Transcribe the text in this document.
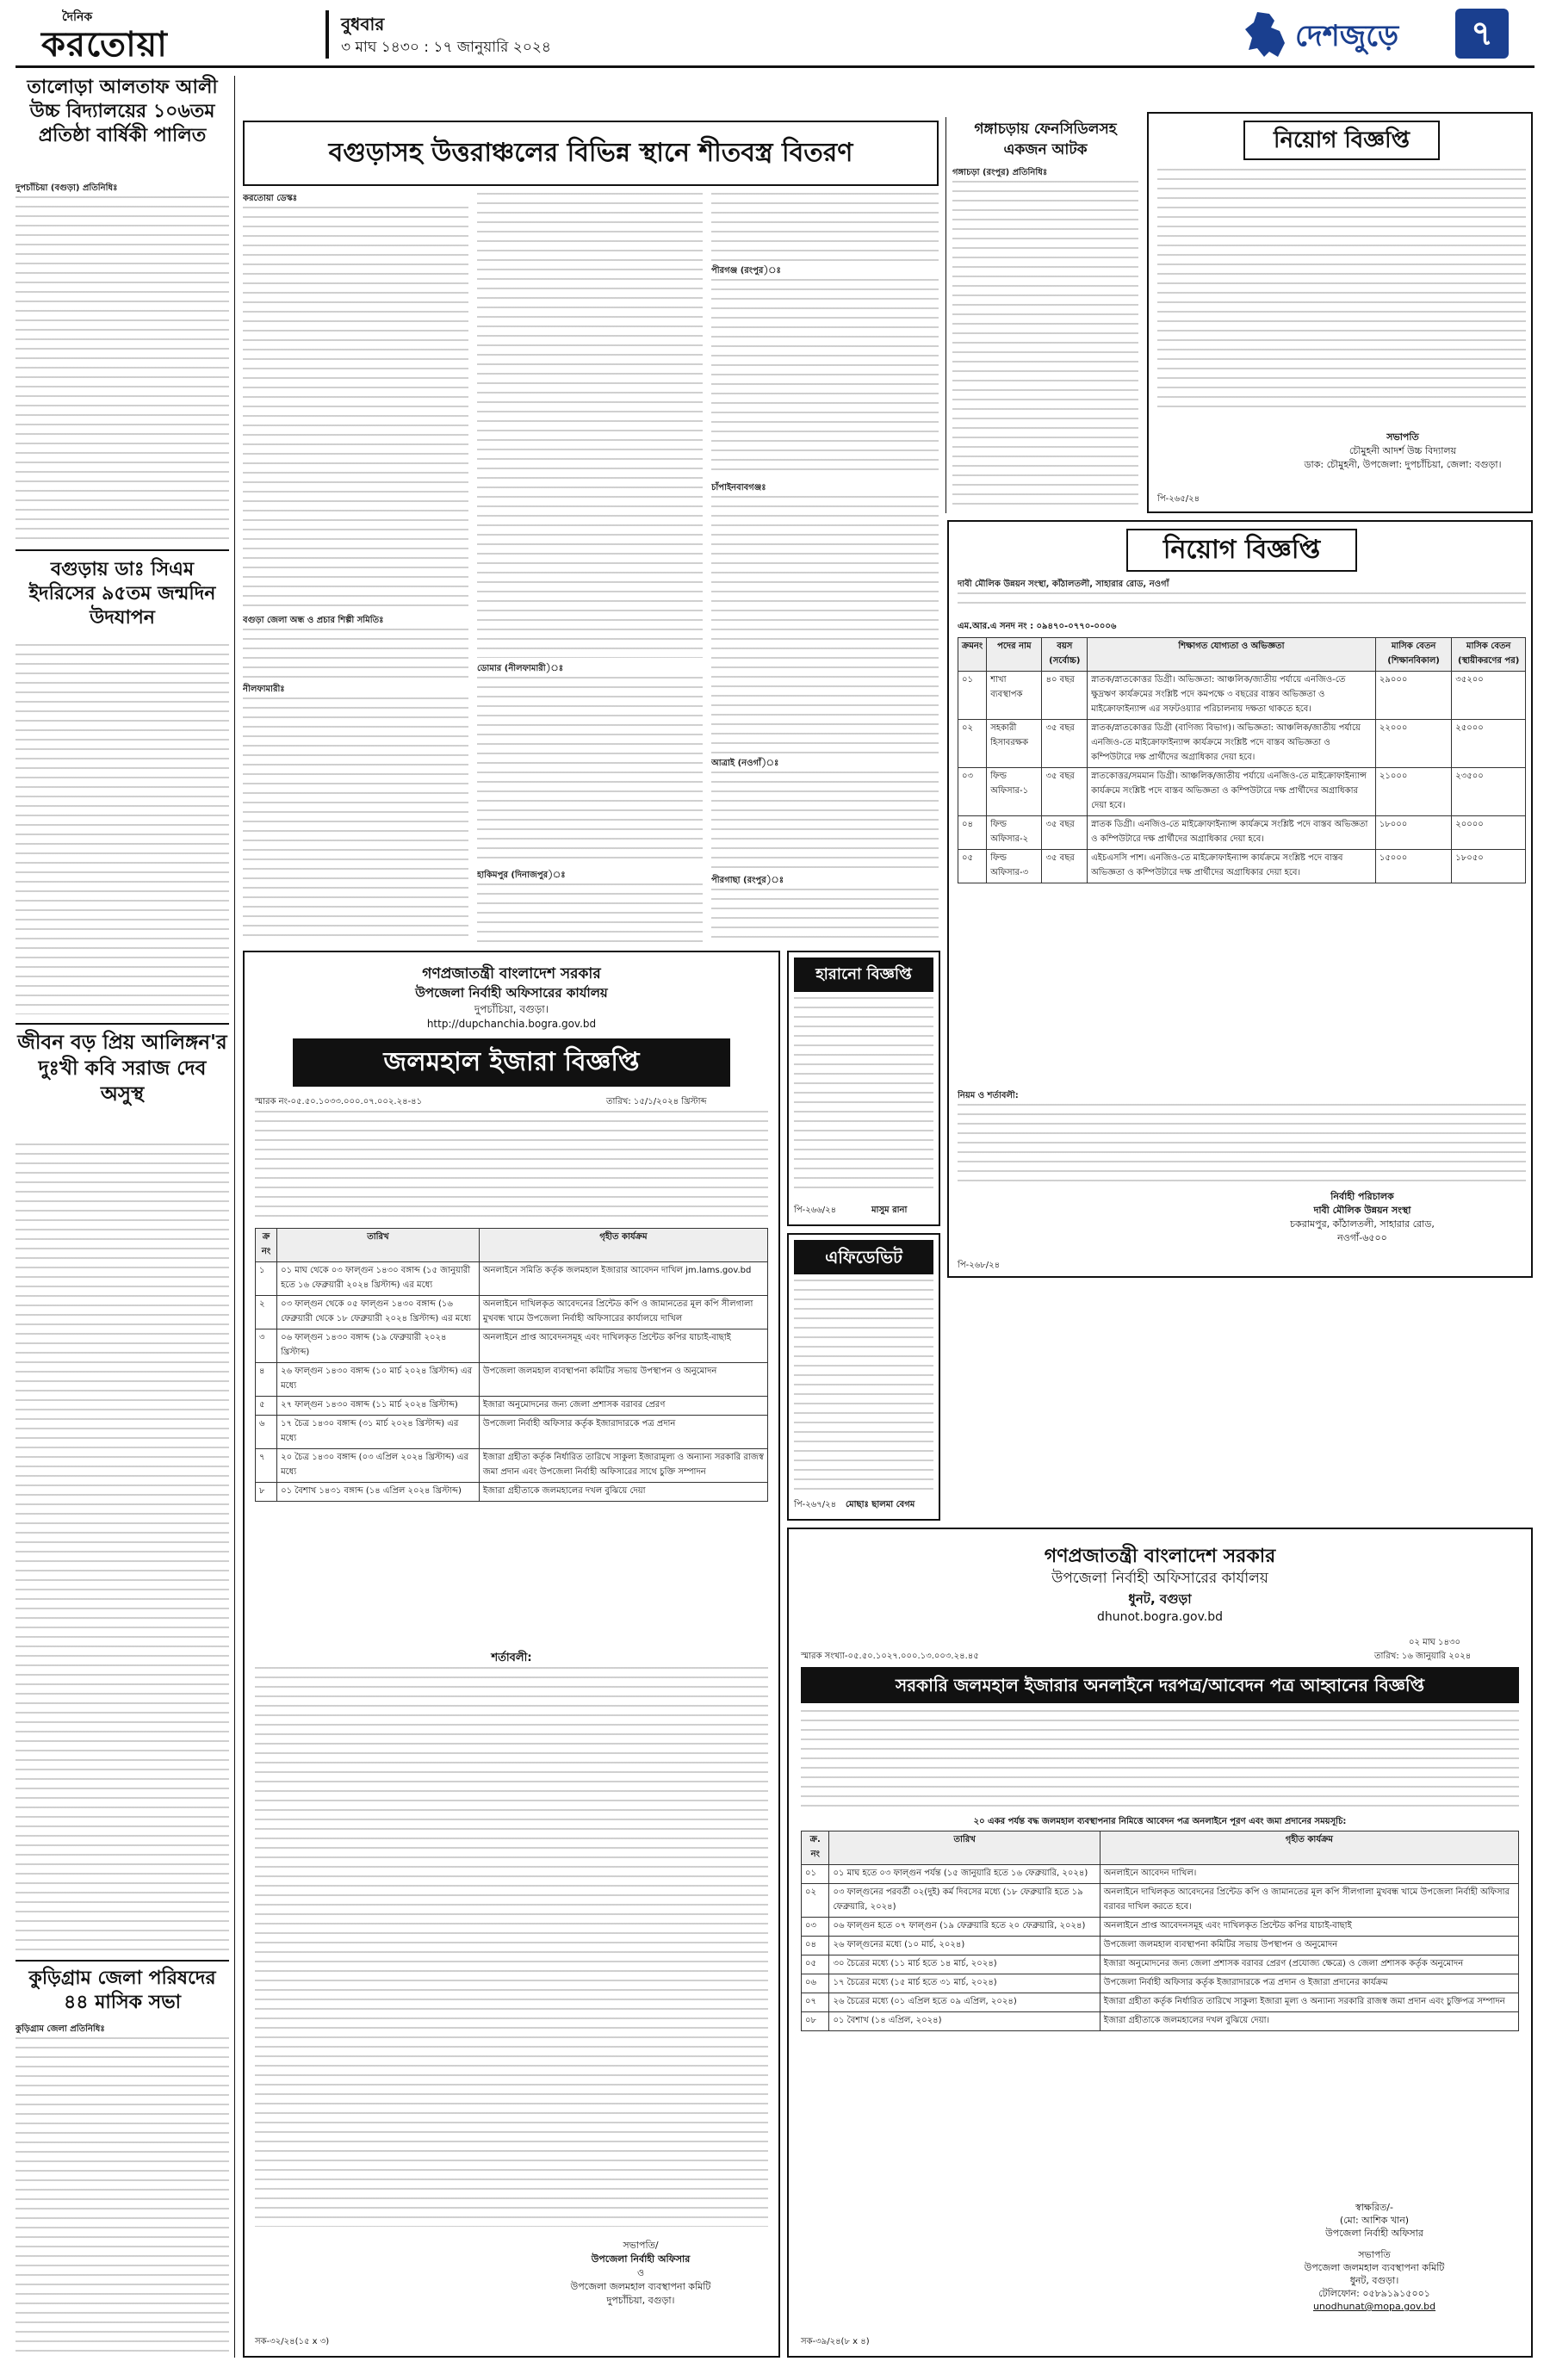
দৈনিক
করতোয়া	বুধবার
৩ মাঘ ১৪৩০ : ১৭ জানুয়ারি ২০২৪	দেশজুড়ে	৭
তালোড়া আলতাফ আলী উচ্চ বিদ্যালয়ের ১০৬তম প্রতিষ্ঠা বার্ষিকী পালিত
দুপচাঁচিয়া (বগুড়া) প্রতিনিধিঃ
বগুড়ায় ডাঃ সিএম ইদরিসের ৯৫তম জন্মদিন উদযাপন
জীবন বড় প্রিয় আলিঙ্গন'র দুঃখী কবি সরাজ দেব অসুস্থ
কুড়িগ্রাম জেলা পরিষদের ৪৪ মাসিক সভা
কুড়িগ্রাম জেলা প্রতিনিধিঃ
বগুড়াসহ উত্তরাঞ্চলের বিভিন্ন স্থানে শীতবস্ত্র বিতরণ
করতোয়া ডেস্কঃ
বগুড়া জেলা অন্ধ ও প্রচার শিল্পী সমিতিঃ
নীলফামারীঃ
ডোমার (নীলফামারী)ঃ
হাকিমপুর (দিনাজপুর)ঃ
পীরগঞ্জ (রংপুর)ঃ
চাঁপাইনবাবগঞ্জঃ
আত্রাই (নওগাঁ)ঃ
পীরগাছা (রংপুর)ঃ
গঙ্গাচড়ায় ফেনসিডিলসহ একজন আটক
গঙ্গাচড়া (রংপুর) প্রতিনিধিঃ
নিয়োগ বিজ্ঞপ্তি
সভাপতি
চৌমুহনী আদর্শ উচ্চ বিদ্যালয়
ডাক: চৌমুহনী, উপজেলা: দুপচাঁচিয়া, জেলা: বগুড়া।
পি-২৬৫/২৪
নিয়োগ বিজ্ঞপ্তি
দাবী মৌলিক উন্নয়ন সংস্থা, কাঁঠালতলী, সাহারার রোড, নওগাঁ
এম.আর.এ সনদ নং : ০৯৪৭০-০৭৭০-০০০৬
ক্রমনং	পদের নাম	বয়স (সর্বোচ্চ)	শিক্ষাগত যোগ্যতা ও অভিজ্ঞতা	মাসিক বেতন (শিক্ষানবিকাল)	মাসিক বেতন (স্থায়ীকরণের পর)
০১	শাখা ব্যবস্থাপক	৪০ বছর	স্নাতক/স্নাতকোত্তর ডিগ্রী। অভিজ্ঞতা: আঞ্চলিক/জাতীয় পর্যায়ে এনজিও-তে ক্ষুদ্রঋণ কার্যক্রমের সংশ্লিষ্ট পদে কমপক্ষে ৩ বছরের বাস্তব অভিজ্ঞতা ও মাইক্রোফাইন্যান্স এর সফটওয়্যার পরিচালনায় দক্ষতা থাকতে হবে।	২৯০০০	৩৫২০০
০২	সহকারী হিসাবরক্ষক	৩৫ বছর	স্নাতক/স্নাতকোত্তর ডিগ্রী (বাণিজ্য বিভাগ)। অভিজ্ঞতা: আঞ্চলিক/জাতীয় পর্যায়ে এনজিও-তে মাইক্রোফাইন্যান্স কার্যক্রমে সংশ্লিষ্ট পদে বাস্তব অভিজ্ঞতা ও কম্পিউটারে দক্ষ প্রার্থীদের অগ্রাধিকার দেয়া হবে।	২২০০০	২৫০০০
০৩	ফিল্ড অফিসার-১	৩৫ বছর	স্নাতকোত্তর/সমমান ডিগ্রী। আঞ্চলিক/জাতীয় পর্যায়ে এনজিও-তে মাইক্রোফাইন্যান্স কার্যক্রমে সংশ্লিষ্ট পদে বাস্তব অভিজ্ঞতা ও কম্পিউটারে দক্ষ প্রার্থীদের অগ্রাধিকার দেয়া হবে।	২১০০০	২৩৫০০
০৪	ফিল্ড অফিসার-২	৩৫ বছর	স্নাতক ডিগ্রী। এনজিও-তে মাইক্রোফাইন্যান্স কার্যক্রমে সংশ্লিষ্ট পদে বাস্তব অভিজ্ঞতা ও কম্পিউটারে দক্ষ প্রার্থীদের অগ্রাধিকার দেয়া হবে।	১৮০০০	২০০০০
০৫	ফিল্ড অফিসার-৩	৩৫ বছর	এইচএসসি পাশ। এনজিও-তে মাইক্রোফাইন্যান্স কার্যক্রমে সংশ্লিষ্ট পদে বাস্তব অভিজ্ঞতা ও কম্পিউটারে দক্ষ প্রার্থীদের অগ্রাধিকার দেয়া হবে।	১৫০০০	১৮০৫০
নিয়ম ও শর্তাবলী:
নির্বাহী পরিচালক
দাবী মৌলিক উন্নয়ন সংস্থা
চকরামপুর, কাঁঠালতলী, সাহারার রোড,
নওগাঁ-৬৫০০
পি-২৬৮/২৪
গণপ্রজাতন্ত্রী বাংলাদেশ সরকার
উপজেলা নির্বাহী অফিসারের কার্যালয়
দুপচাঁচিয়া, বগুড়া।
http://dupchanchia.bogra.gov.bd
জলমহাল ইজারা বিজ্ঞপ্তি
স্মারক নং-০৫.৫০.১০৩৩.০০০.০৭.০০২.২৪-৪১	তারিখ: ১৫/১/২০২৪ খ্রিস্টাব্দ
ক্র নং	তারিখ	গৃহীত কার্যক্রম
১	০১ মাঘ থেকে ০৩ ফাল্গুন ১৪৩০ বঙ্গাব্দ (১৫ জানুয়ারী হতে ১৬ ফেব্রুয়ারী ২০২৪ খ্রিস্টাব্দ) এর মধ্যে	অনলাইনে সমিতি কর্তৃক জলমহাল ইজারার আবেদন দাখিল jm.lams.gov.bd
২	০৩ ফাল্গুন থেকে ০৫ ফাল্গুন ১৪৩০ বঙ্গাব্দ (১৬ ফেব্রুয়ারী থেকে ১৮ ফেব্রুয়ারী ২০২৪ খ্রিস্টাব্দ) এর মধ্যে	অনলাইনে দাখিলকৃত আবেদনের প্রিন্টেড কপি ও জামানতের মূল কপি সীলগালা মুখবন্ধ খামে উপজেলা নির্বাহী অফিসারের কার্যালয়ে দাখিল
৩	০৬ ফাল্গুন ১৪৩০ বঙ্গাব্দ (১৯ ফেব্রুয়ারী ২০২৪ খ্রিস্টাব্দ)	অনলাইনে প্রাপ্ত আবেদনসমূহ এবং দাখিলকৃত প্রিন্টেড কপির যাচাই-বাছাই
৪	২৬ ফাল্গুন ১৪৩০ বঙ্গাব্দ (১০ মার্চ ২০২৪ খ্রিস্টাব্দ) এর মধ্যে	উপজেলা জলমহাল ব্যবস্থাপনা কমিটির সভায় উপস্থাপন ও অনুমোদন
৫	২৭ ফাল্গুন ১৪৩০ বঙ্গাব্দ (১১ মার্চ ২০২৪ খ্রিস্টাব্দ)	ইজারা অনুমোদনের জন্য জেলা প্রশাসক বরাবর প্রেরণ
৬	১৭ চৈত্র ১৪৩০ বঙ্গাব্দ (৩১ মার্চ ২০২৪ খ্রিস্টাব্দ) এর মধ্যে	উপজেলা নির্বাহী অফিসার কর্তৃক ইজারাদারকে পত্র প্রদান
৭	২০ চৈত্র ১৪৩০ বঙ্গাব্দ (০৩ এপ্রিল ২০২৪ খ্রিস্টাব্দ) এর মধ্যে	ইজারা গ্রহীতা কর্তৃক নির্ধারিত তারিখে সাকুল্য ইজারামূল্য ও অন্যান্য সরকারি রাজস্ব জমা প্রদান এবং উপজেলা নির্বাহী অফিসারের সাথে চুক্তি সম্পাদন
৮	০১ বৈশাখ ১৪৩১ বঙ্গাব্দ (১৪ এপ্রিল ২০২৪ খ্রিস্টাব্দ)	ইজারা গ্রহীতাকে জলমহালের দখল বুঝিয়ে দেয়া
শর্তাবলী:
সভাপতি/
উপজেলা নির্বাহী অফিসার
ও
উপজেলা জলমহাল ব্যবস্থাপনা কমিটি
দুপচাঁচিয়া, বগুড়া।
সক-৩২/২৪(১৫ x ৩)
হারানো বিজ্ঞপ্তি
পি-২৬৬/২৪	মাসুম রানা
এফিডেভিট
পি-২৬৭/২৪ মোছাঃ ছালমা বেগম
গণপ্রজাতন্ত্রী বাংলাদেশ সরকার
উপজেলা নির্বাহী অফিসারের কার্যালয়
ধুনট, বগুড়া
dhunot.bogra.gov.bd
স্মারক সংখ্যা-০৫.৫০.১০২৭.০০০.১৩.০০৩.২৪.৪৫
০২ মাঘ ১৪৩০
তারিখ: ১৬ জানুয়ারি ২০২৪
সরকারি জলমহাল ইজারার অনলাইনে দরপত্র/আবেদন পত্র আহ্বানের বিজ্ঞপ্তি
২০ একর পর্যন্ত বদ্ধ জলমহাল ব্যবস্থাপনার নিমিত্তে আবেদন পত্র অনলাইনে পূরণ এবং জমা প্রদানের সময়সূচি:
ক্র. নং	তারিখ	গৃহীত কার্যক্রম
০১	০১ মাঘ হতে ০৩ ফাল্গুন পর্যন্ত (১৫ জানুয়ারি হতে ১৬ ফেব্রুয়ারি, ২০২৪)	অনলাইনে আবেদন দাখিল।
০২	০৩ ফাল্গুনের পরবর্তী ০২(দুই) কর্ম দিবসের মধ্যে (১৮ ফেব্রুয়ারি হতে ১৯ ফেব্রুয়ারি, ২০২৪)	অনলাইনে দাখিলকৃত আবেদনের প্রিন্টেড কপি ও জামানতের মূল কপি সীলগালা মুখবন্ধ খামে উপজেলা নির্বাহী অফিসার বরাবর দাখিল করতে হবে।
০৩	০৬ ফাল্গুন হতে ০৭ ফাল্গুন (১৯ ফেব্রুয়ারি হতে ২০ ফেব্রুয়ারি, ২০২৪)	অনলাইনে প্রাপ্ত আবেদনসমূহ এবং দাখিলকৃত প্রিন্টেড কপির যাচাই-বাছাই
০৪	২৬ ফাল্গুনের মধ্যে (১০ মার্চ, ২০২৪)	উপজেলা জলমহাল ব্যবস্থাপনা কমিটির সভায় উপস্থাপন ও অনুমোদন
০৫	৩০ চৈত্রের মধ্যে (১১ মার্চ হতে ১৪ মার্চ, ২০২৪)	ইজারা অনুমোদনের জন্য জেলা প্রশাসক বরাবর প্রেরণ (প্রযোজ্য ক্ষেত্রে) ও জেলা প্রশাসক কর্তৃক অনুমোদন
০৬	১৭ চৈত্রের মধ্যে (১৫ মার্চ হতে ৩১ মার্চ, ২০২৪)	উপজেলা নির্বাহী অফিসার কর্তৃক ইজারাদারকে পত্র প্রদান ও ইজারা প্রদানের কার্যক্রম
০৭	২৬ চৈত্রের মধ্যে (০১ এপ্রিল হতে ০৯ এপ্রিল, ২০২৪)	ইজারা গ্রহীতা কর্তৃক নির্ধারিত তারিখে সাকুল্য ইজারা মূল্য ও অন্যান্য সরকারি রাজস্ব জমা প্রদান এবং চুক্তিপত্র সম্পাদন
০৮	০১ বৈশাখ (১৪ এপ্রিল, ২০২৪)	ইজারা গ্রহীতাকে জলমহালের দখল বুঝিয়ে দেয়া।
স্বাক্ষরিত/-
(মো: আশিক খান)
উপজেলা নির্বাহী অফিসার
সভাপতি
উপজেলা জলমহাল ব্যবস্থাপনা কমিটি
ধুনট, বগুড়া।
টেলিফোন: ০৫৮৯১৯১৫০০১
unodhunat@mopa.gov.bd
সক-৩৯/২৪(৮ x ৪)
